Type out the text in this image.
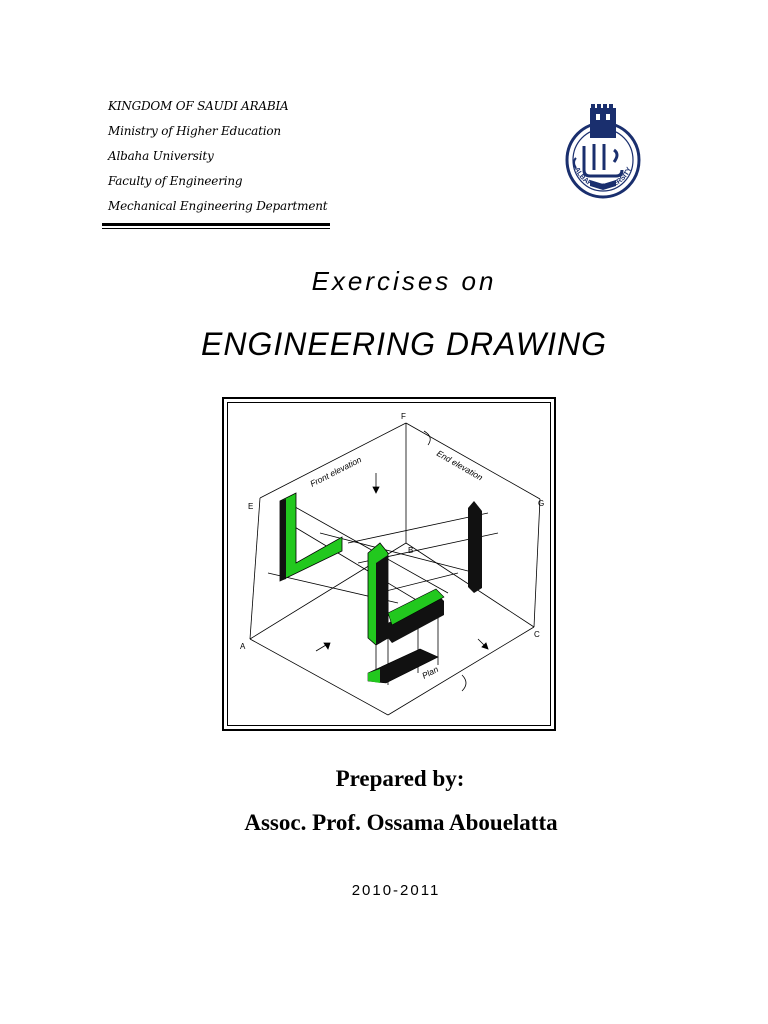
KINGDOM OF SAUDI ARABIA
Ministry of Higher Education
Albaha University
Faculty of Engineering
Mechanical Engineering Department
ALBAHA UNIVERSITY
Exercises on
ENGINEERING DRAWING
F
E	G
B
A
C
Front elevation	End elevation
Plan
Prepared by:
Assoc. Prof. Ossama Abouelatta
2010-2011
